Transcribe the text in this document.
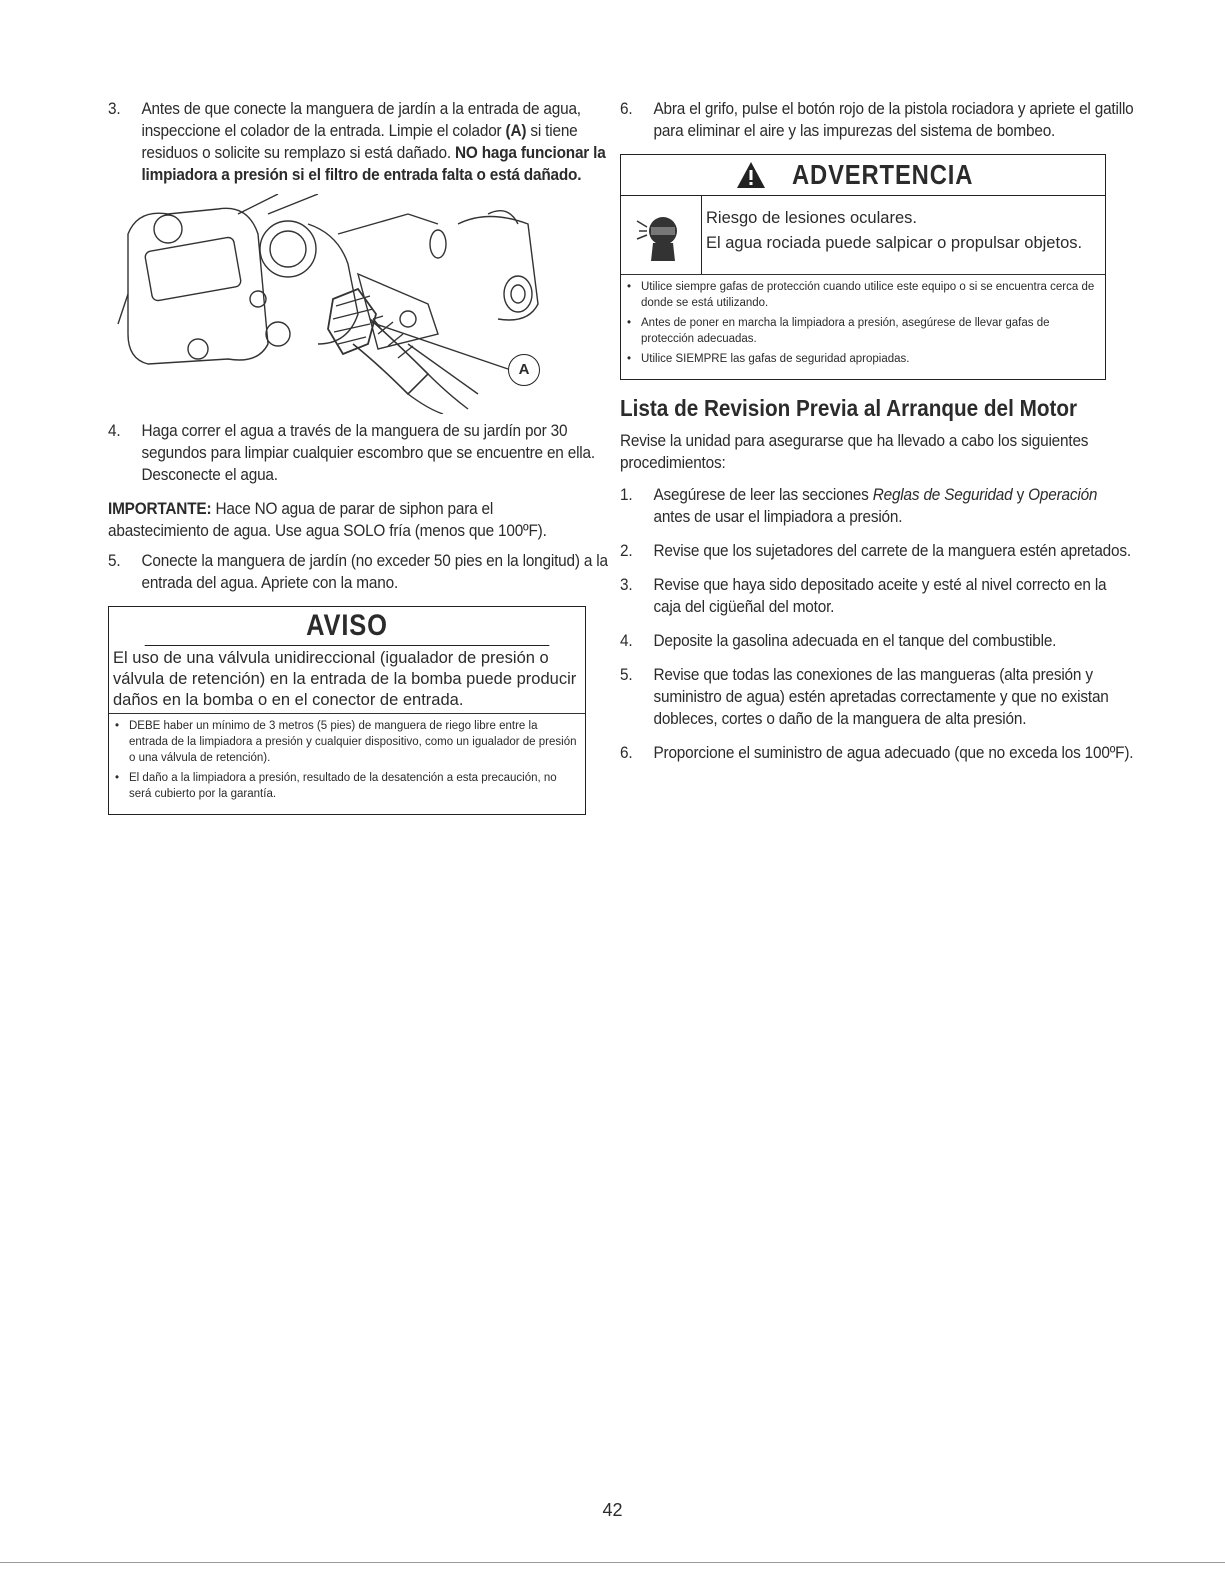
3. Antes de que conecte la manguera de jardín a la entrada de agua, inspeccione el colador de la entrada. Limpie el colador (A) si tiene residuos o solicite su remplazo si está dañado. NO haga funcionar la limpiadora a presión si el filtro de entrada falta o está dañado.
A
4. Haga correr el agua a través de la manguera de su jardín por 30 segundos para limpiar cualquier escombro que se encuentre en ella. Desconecte el agua.
IMPORTANTE: Hace NO agua de parar de siphon para el abastecimiento de agua. Use agua SOLO fría (menos que 100ºF).
5. Conecte la manguera de jardín (no exceder 50 pies en la longitud) a la entrada del agua. Apriete con la mano.
AVISO
El uso de una válvula unidireccional (igualador de presión o válvula de retención) en la entrada de la bomba puede producir daños en la bomba o en el conector de entrada.
• DEBE haber un mínimo de 3 metros (5 pies) de manguera de riego libre entre la entrada de la limpiadora a presión y cualquier dispositivo, como un igualador de presión o una válvula de retención).
• El daño a la limpiadora a presión, resultado de la desatención a esta precaución, no será cubierto por la garantía.
6. Abra el grifo, pulse el botón rojo de la pistola rociadora y apriete el gatillo para eliminar el aire y las impurezas del sistema de bombeo.
ADVERTENCIA
Riesgo de lesiones oculares.
El agua rociada puede salpicar o propulsar objetos.
• Utilice siempre gafas de protección cuando utilice este equipo o si se encuentra cerca de donde se está utilizando.
• Antes de poner en marcha la limpiadora a presión, asegúrese de llevar gafas de protección adecuadas.
• Utilice SIEMPRE las gafas de seguridad apropiadas.
Lista de Revision Previa al Arranque del Motor
Revise la unidad para asegurarse que ha llevado a cabo los siguientes procedimientos:
1. Asegúrese de leer las secciones Reglas de Seguridad y Operación antes de usar el limpiadora a presión.
2. Revise que los sujetadores del carrete de la manguera estén apretados.
3. Revise que haya sido depositado aceite y esté al nivel correcto en la caja del cigüeñal del motor.
4. Deposite la gasolina adecuada en el tanque del combustible.
5. Revise que todas las conexiones de las mangueras (alta presión y suministro de agua) estén apretadas correctamente y que no existan dobleces, cortes o daño de la manguera de alta presión.
6. Proporcione el suministro de agua adecuado (que no exceda los 100ºF).
42
